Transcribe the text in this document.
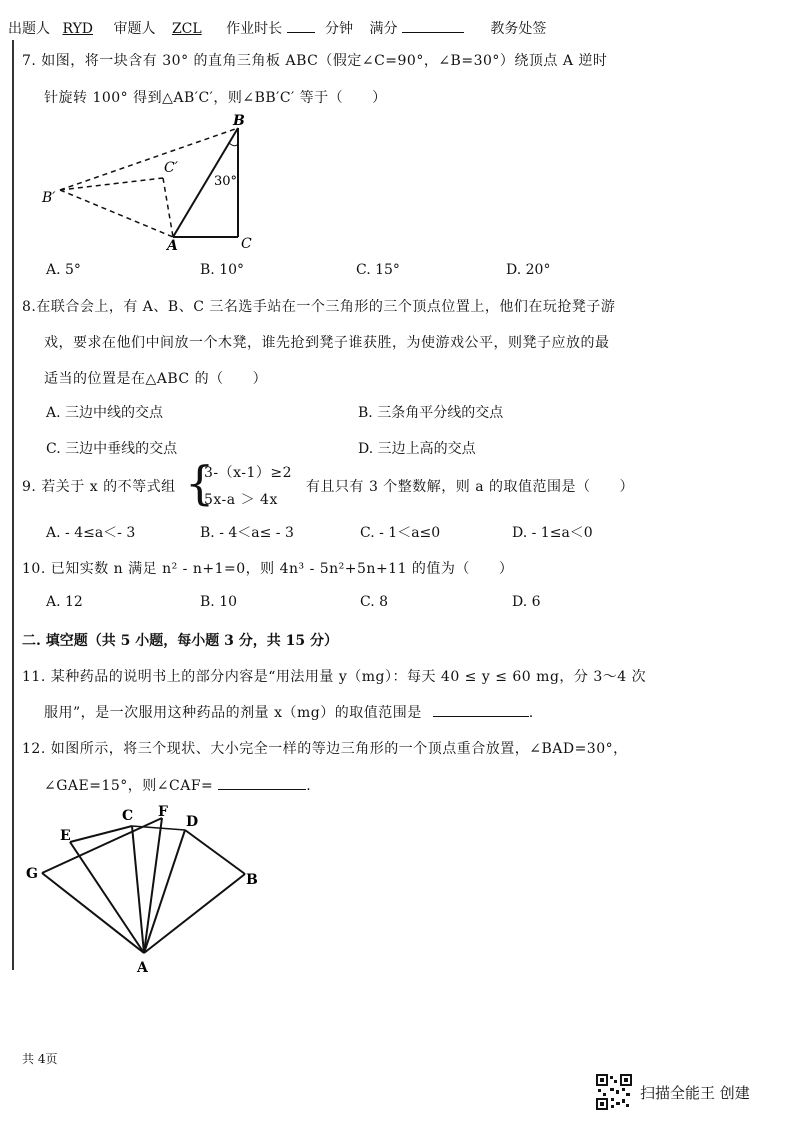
出题人 RYD 审题人 ZCL 作业时长	分钟 满分	教务处签
7. 如图，将一块含有 30° 的直角三角板 ABC（假定∠C=90°，∠B=30°）绕顶点 A 逆时
针旋转 100° 得到△AB′C′，则∠BB′C′ 等于（　　）
B
C
A
B′
C′
30°
A. 5°	B. 10°	C. 15°	D. 20°
8.在联合会上，有 A、B、C 三名选手站在一个三角形的三个顶点位置上，他们在玩抢凳子游
戏，要求在他们中间放一个木凳，谁先抢到凳子谁获胜，为使游戏公平，则凳子应放的最
适当的位置是在△ABC 的（　　）
A. 三边中线的交点	B. 三条角平分线的交点
C. 三边中垂线的交点	D. 三边上高的交点
9. 若关于 x 的不等式组 {
3-（x-1）≥2
5x-a ＞ 4x
有且只有 3 个整数解，则 a 的取值范围是（　　）
A. - 4≤a＜- 3	B. - 4＜a≤ - 3	C. - 1＜a≤0	D. - 1≤a＜0
10. 已知实数 n 满足 n² - n+1=0，则 4n³ - 5n²+5n+11 的值为（　　）
A. 12	B. 10	C. 8	D. 6
二. 填空题（共 5 小题，每小题 3 分，共 15 分）
11. 某种药品的说明书上的部分内容是“用法用量 y（mg）：每天 40 ≤ y ≤ 60 mg，分 3～4 次
服用”，是一次服用这种药品的剂量 x（mg）的取值范围是	.
12. 如图所示，将三个现状、大小完全一样的等边三角形的一个顶点重合放置，∠BAD=30°，
∠GAE=15°，则∠CAF=	.
C F
D
E
G	B
A
共 4页
扫描全能王 创建
